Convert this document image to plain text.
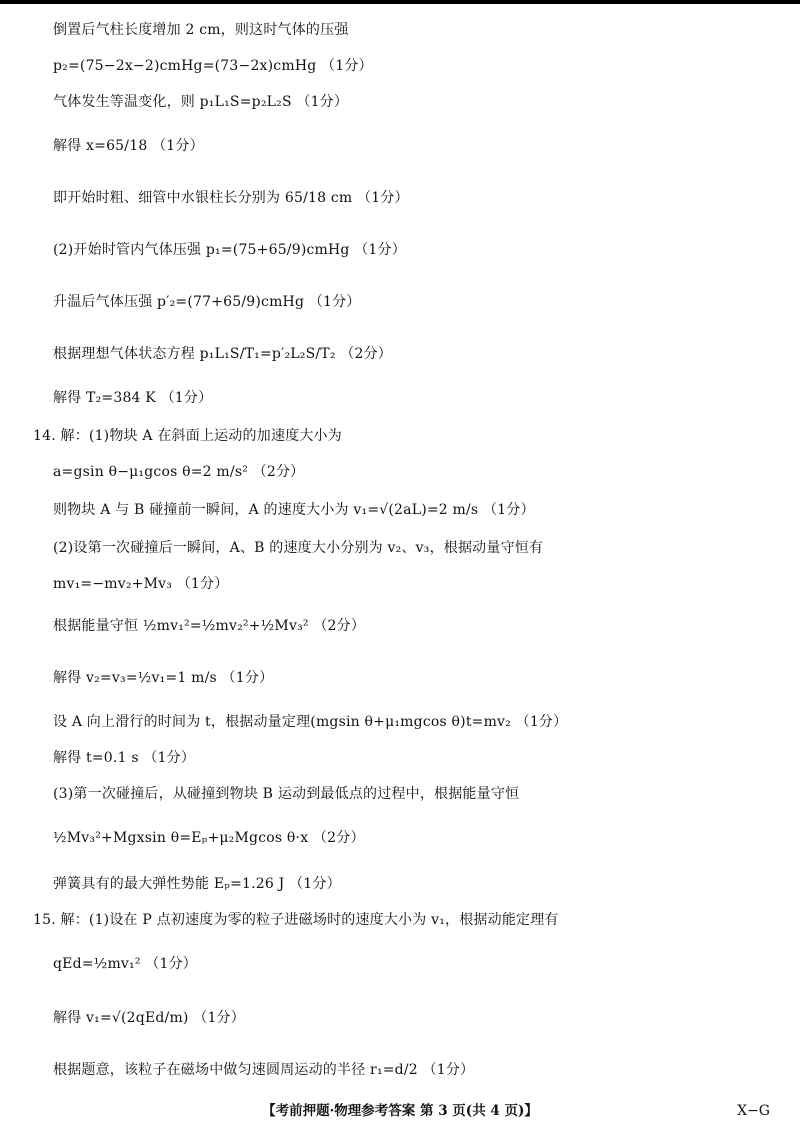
倒置后气柱长度增加 2 cm，则这时气体的压强
p₂=(75−2x−2)cmHg=(73−2x)cmHg （1分）
气体发生等温变化，则 p₁L₁S=p₂L₂S （1分）
解得 x=65/18 （1分）
即开始时粗、细管中水银柱长分别为 65/18 cm （1分）
(2)开始时管内气体压强 p₁=(75+65/9)cmHg （1分）
升温后气体压强 p′₂=(77+65/9)cmHg （1分）
根据理想气体状态方程 p₁L₁S/T₁=p′₂L₂S/T₂ （2分）
解得 T₂=384 K （1分）
14. 解：(1)物块 A 在斜面上运动的加速度大小为
a=gsin θ−μ₁gcos θ=2 m/s² （2分）
则物块 A 与 B 碰撞前一瞬间，A 的速度大小为 v₁=√(2aL)=2 m/s （1分）
(2)设第一次碰撞后一瞬间，A、B 的速度大小分别为 v₂、v₃，根据动量守恒有
mv₁=−mv₂+Mv₃ （1分）
根据能量守恒 ½mv₁²=½mv₂²+½Mv₃² （2分）
解得 v₂=v₃=½v₁=1 m/s （1分）
设 A 向上滑行的时间为 t，根据动量定理(mgsin θ+μ₁mgcos θ)t=mv₂ （1分）
解得 t=0.1 s （1分）
(3)第一次碰撞后，从碰撞到物块 B 运动到最低点的过程中，根据能量守恒
½Mv₃²+Mgxsin θ=Eₚ+μ₂Mgcos θ·x （2分）
弹簧具有的最大弹性势能 Eₚ=1.26 J （1分）
15. 解：(1)设在 P 点初速度为零的粒子进磁场时的速度大小为 v₁，根据动能定理有
qEd=½mv₁² （1分）
解得 v₁=√(2qEd/m) （1分）
根据题意，该粒子在磁场中做匀速圆周运动的半径 r₁=d/2 （1分）
【考前押题·物理参考答案 第 3 页(共 4 页)】	X−G
